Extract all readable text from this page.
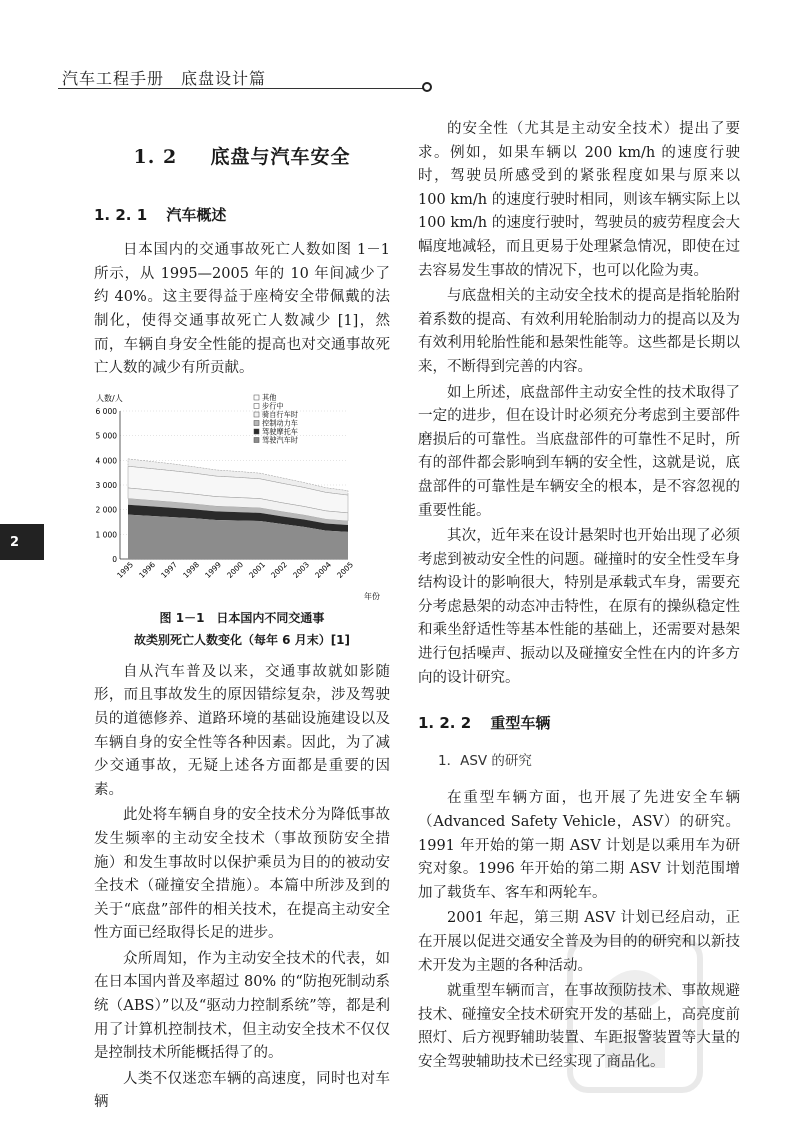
汽车工程手册　底盘设计篇
2
1. 2 底盘与汽车安全
1. 2. 1 汽车概述

日本国内的交通事故死亡人数如图 1－1 所示，从 1995—2005 年的 10 年间减少了约 40%。这主要得益于座椅安全带佩戴的法制化，使得交通事故死亡人数减少 [1]，然而，车辆自身安全性能的提高也对交通事故死亡人数的减少有所贡献。

人数/人
0
1 000
2 000
3 000
4 000
5 000
6 000
1995 1996 1997 1998 1999 2000 2001 2002 2003 2004 2005
年份
其他
步行中
骑自行车时
控制动力车
驾驶摩托车
驾驶汽车时
图 1－1　日本国内不同交通事
故类别死亡人数变化（每年 6 月末）[1]

自从汽车普及以来，交通事故就如影随形，而且事故发生的原因错综复杂，涉及驾驶员的道德修养、道路环境的基础设施建设以及车辆自身的安全性等各种因素。因此，为了减少交通事故，无疑上述各方面都是重要的因素。

此处将车辆自身的安全技术分为降低事故发生频率的主动安全技术（事故预防安全措施）和发生事故时以保护乘员为目的的被动安全技术（碰撞安全措施）。本篇中所涉及到的关于“底盘”部件的相关技术，在提高主动安全性方面已经取得长足的进步。

众所周知，作为主动安全技术的代表，如在日本国内普及率超过 80% 的“防抱死制动系统（ABS）”以及“驱动力控制系统”等，都是利用了计算机控制技术，但主动安全技术不仅仅是控制技术所能概括得了的。

人类不仅迷恋车辆的高速度，同时也对车辆

的安全性（尤其是主动安全技术）提出了要求。例如，如果车辆以 200 km/h 的速度行驶时，驾驶员所感受到的紧张程度如果与原来以 100 km/h 的速度行驶时相同，则该车辆实际上以 100 km/h 的速度行驶时，驾驶员的疲劳程度会大幅度地减轻，而且更易于处理紧急情况，即使在过去容易发生事故的情况下，也可以化险为夷。

与底盘相关的主动安全技术的提高是指轮胎附着系数的提高、有效利用轮胎制动力的提高以及为有效利用轮胎性能和悬架性能等。这些都是长期以来，不断得到完善的内容。

如上所述，底盘部件主动安全性的技术取得了一定的进步，但在设计时必须充分考虑到主要部件磨损后的可靠性。当底盘部件的可靠性不足时，所有的部件都会影响到车辆的安全性，这就是说，底盘部件的可靠性是车辆安全的根本，是不容忽视的重要性能。

其次，近年来在设计悬架时也开始出现了必须考虑到被动安全性的问题。碰撞时的安全性受车身结构设计的影响很大，特别是承载式车身，需要充分考虑悬架的动态冲击特性，在原有的操纵稳定性和乘坐舒适性等基本性能的基础上，还需要对悬架进行包括噪声、振动以及碰撞安全性在内的许多方向的设计研究。

1. 2. 2 重型车辆
1．ASV 的研究

在重型车辆方面，也开展了先进安全车辆（Advanced Safety Vehicle，ASV）的研究。1991 年开始的第一期 ASV 计划是以乘用车为研究对象。1996 年开始的第二期 ASV 计划范围增加了载货车、客车和两轮车。

2001 年起，第三期 ASV 计划已经启动，正在开展以促进交通安全普及为目的的研究和以新技术开发为主题的各种活动。

就重型车辆而言，在事故预防技术、事故规避技术、碰撞安全技术研究开发的基础上，高亮度前照灯、后方视野辅助装置、车距报警装置等大量的安全驾驶辅助技术已经实现了商品化。
